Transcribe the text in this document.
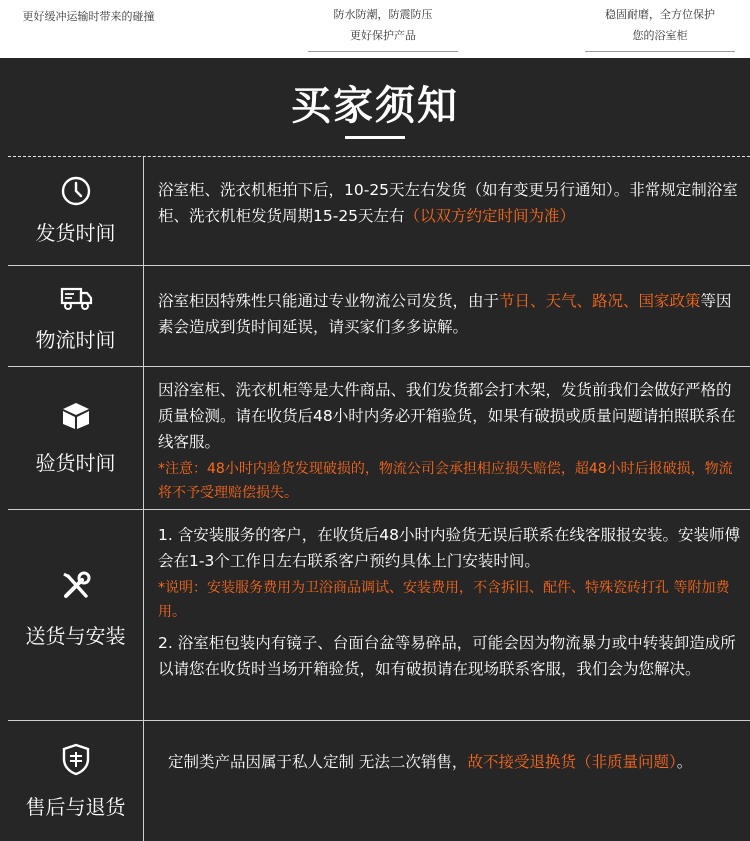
更好缓冲运输时带来的碰撞	防水防潮，防震防压
更好保护产品
稳固耐磨，全方位保护
您的浴室柜
买家须知
发货时间
浴室柜、洗衣机柜拍下后，10-25天左右发货（如有变更另行通知）。非常规定制浴室柜、洗衣机柜发货周期15-25天左右（以双方约定时间为准）
物流时间
浴室柜因特殊性只能通过专业物流公司发货，由于节日、天气、路况、国家政策等因素会造成到货时间延误，请买家们多多谅解。
验货时间
因浴室柜、洗衣机柜等是大件商品、我们发货都会打木架，发货前我们会做好严格的质量检测。请在收货后48小时内务必开箱验货，如果有破损或质量问题请拍照联系在线客服。
*注意：48小时内验货发现破损的，物流公司会承担相应损失赔偿，超48小时后报破损，物流将不予受理赔偿损失。
送货与安装
1. 含安装服务的客户，在收货后48小时内验货无误后联系在线客服报安装。安装师傅会在1-3个工作日左右联系客户预约具体上门安装时间。
*说明：安装服务费用为卫浴商品调试、安装费用，不含拆旧、配件、特殊瓷砖打孔 等附加费用。
2. 浴室柜包装内有镜子、台面台盆等易碎品，可能会因为物流暴力或中转装卸造成所以请您在收货时当场开箱验货，如有破损请在现场联系客服，我们会为您解决。
售后与退货
定制类产品因属于私人定制 无法二次销售，故不接受退换货（非质量问题）。
